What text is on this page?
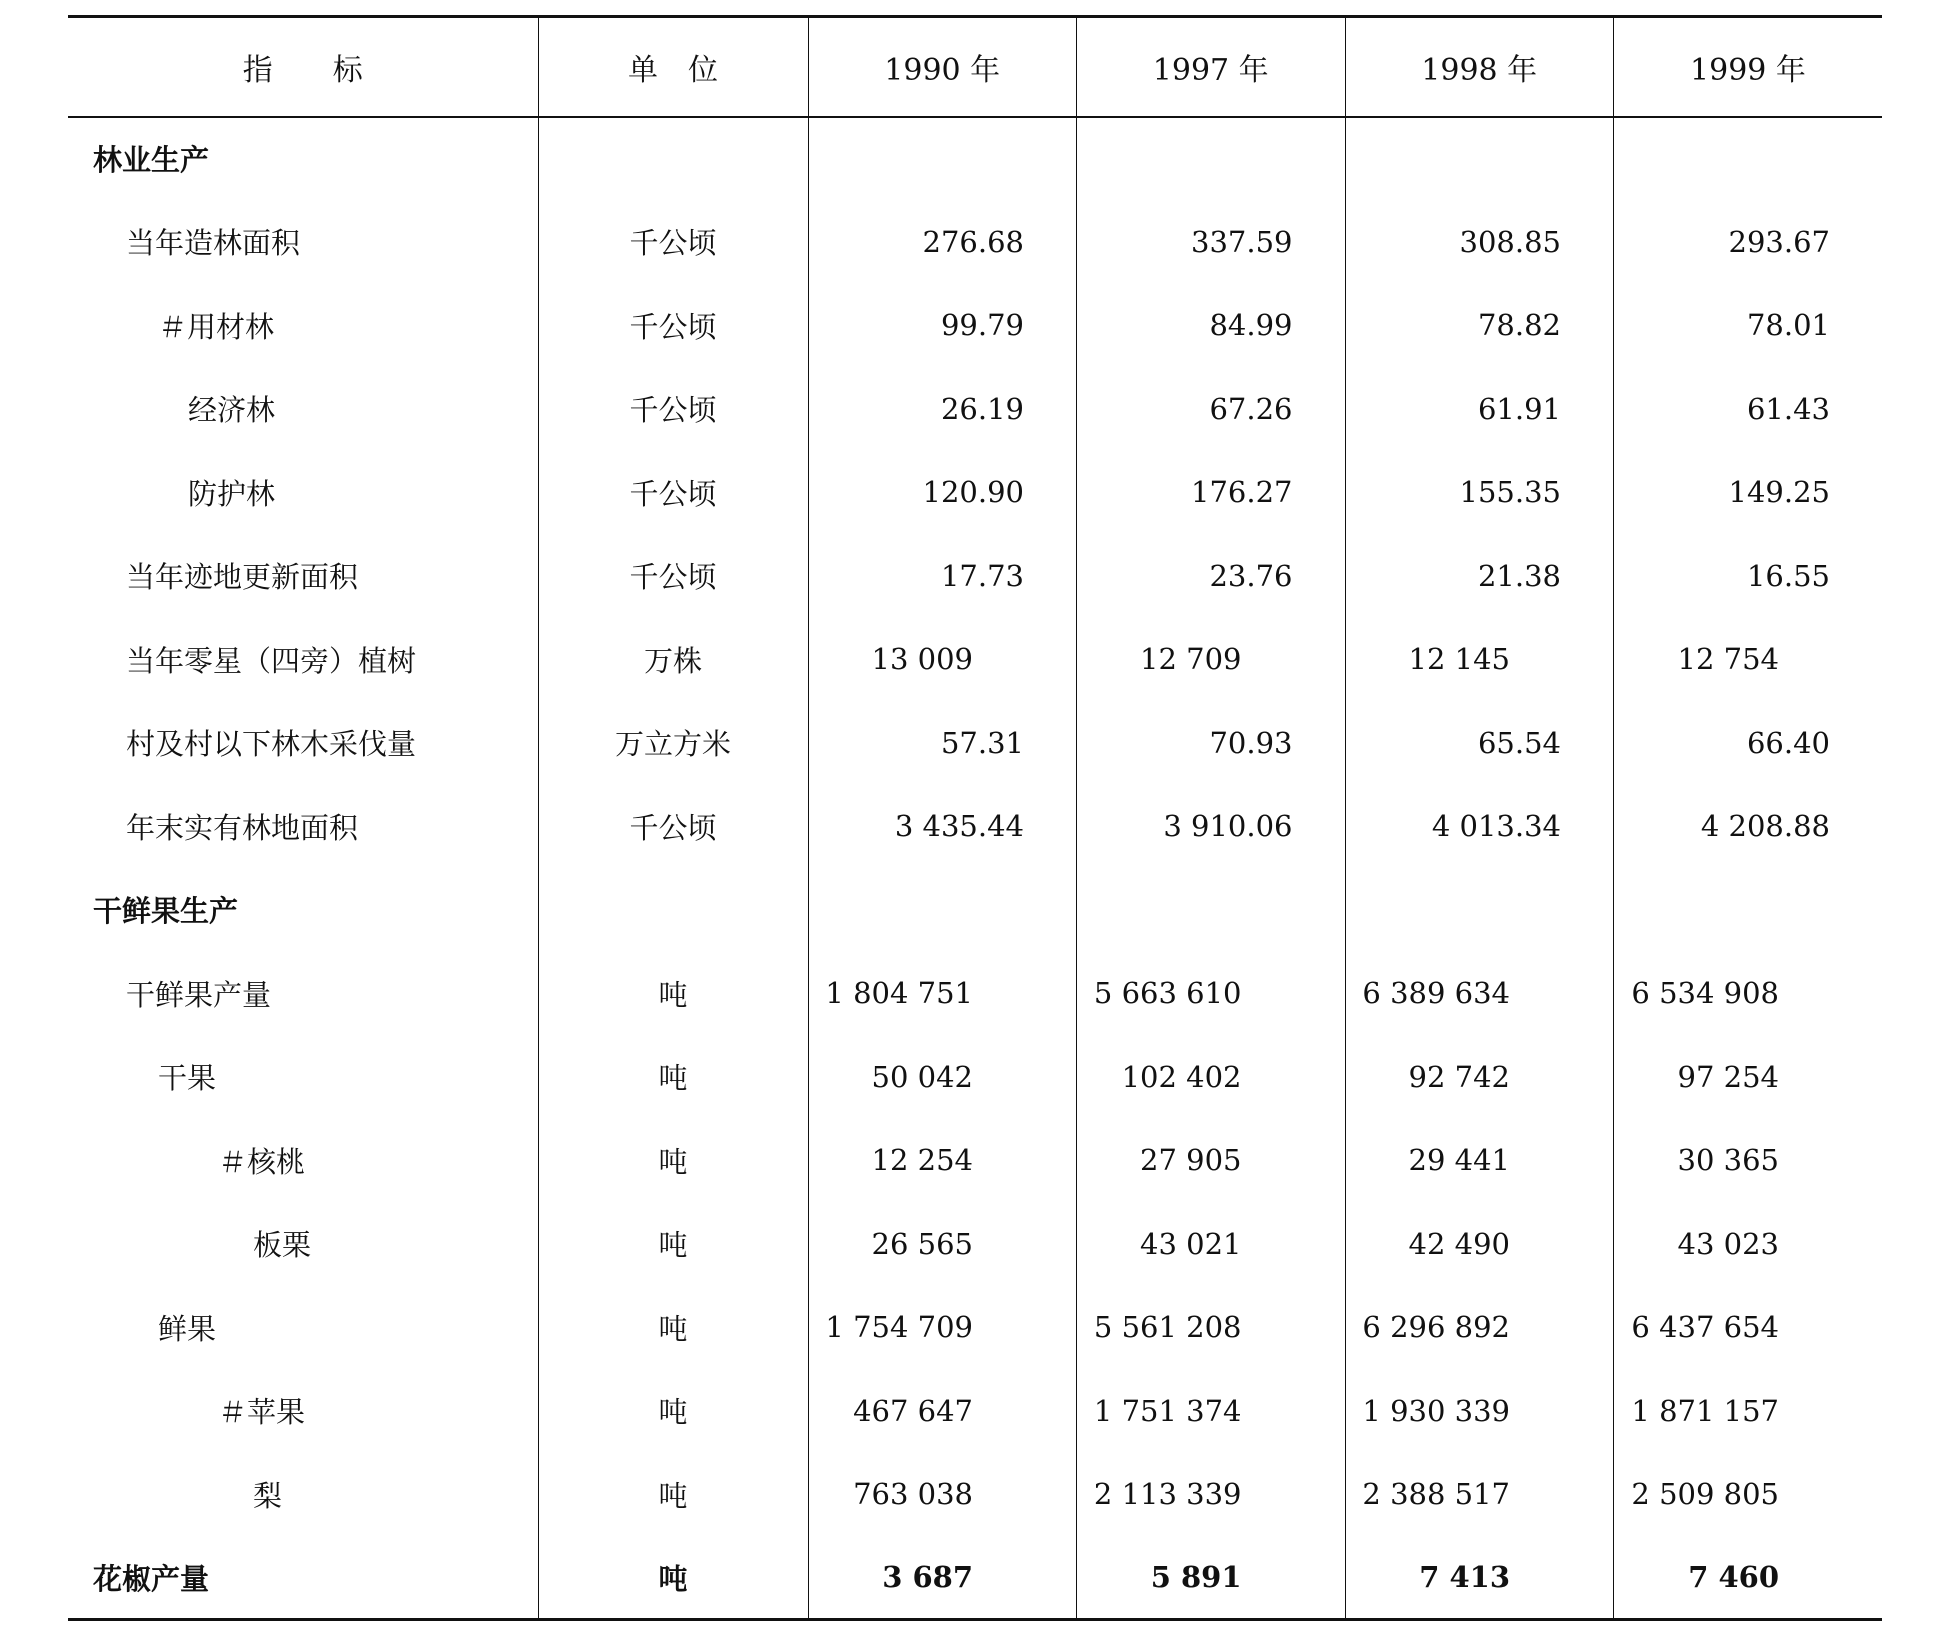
指　　标	单　位	1990 年	1997 年	1998 年	1999 年
林业生产					
当年造林面积	千公顷	276.68	337.59	308.85	293.67
＃用材林	千公顷	99.79	84.99	78.82	78.01
经济林	千公顷	26.19	67.26	61.91	61.43
防护林	千公顷	120.90	176.27	155.35	149.25
当年迹地更新面积	千公顷	17.73	23.76	21.38	16.55
当年零星（四旁）植树	万株	13 009	12 709	12 145	12 754
村及村以下林木采伐量	万立方米	57.31	70.93	65.54	66.40
年末实有林地面积	千公顷	3 435.44	3 910.06	4 013.34	4 208.88
干鲜果生产					
干鲜果产量	吨	1 804 751	5 663 610	6 389 634	6 534 908
干果	吨	50 042	102 402	92 742	97 254
＃核桃	吨	12 254	27 905	29 441	30 365
板栗	吨	26 565	43 021	42 490	43 023
鲜果	吨	1 754 709	5 561 208	6 296 892	6 437 654
＃苹果	吨	467 647	1 751 374	1 930 339	1 871 157
梨	吨	763 038	2 113 339	2 388 517	2 509 805
花椒产量	吨	3 687	5 891	7 413	7 460
